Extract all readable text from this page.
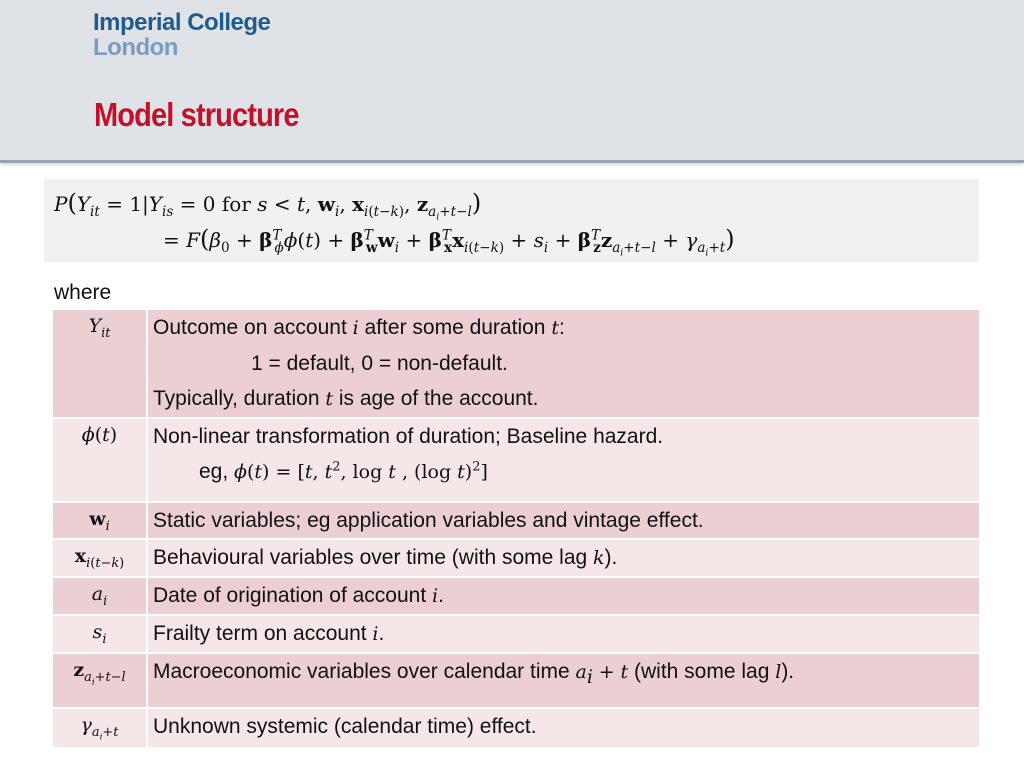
Imperial College
London
Model structure
$P(Y_{it} = 1|Y_{is} = 0$ for s < t, $w_i$, $x_{i(t-k)}$, $z_{a_i+t-l}$)
= $F(\beta_0 + \beta^T_\phi\phi(t) + \beta^T_ww_i + \beta^T_xx_{i(t-k)} + s_i + \beta^T_zz_{a_i+t-l} + \gamma_{a_i+t})$
where
$Y_{it}$	Outcome on account i after some duration t:

1 = default, 0 = non-default.
Typically, duration t is age of the account.
ϕ(t)	Non-linear transformation of duration; Baseline hazard.
eg, ϕ(t) = [t, $t^2$, log t , (log t)$^2$]

$w_i$	Static variables; eg application variables and vintage effect.
$x_{i(t-k)}$	Behavioural variables over time (with some lag k).
$a_i$	Date of origination of account i.
$s_i$	Frailty term on account i.
$z_{a_i+t-l}$	Macroeconomic variables over calendar time $a_i + t$ (with some lag l).
$\gamma_{a_i+t}$	Unknown systemic (calendar time) effect.
